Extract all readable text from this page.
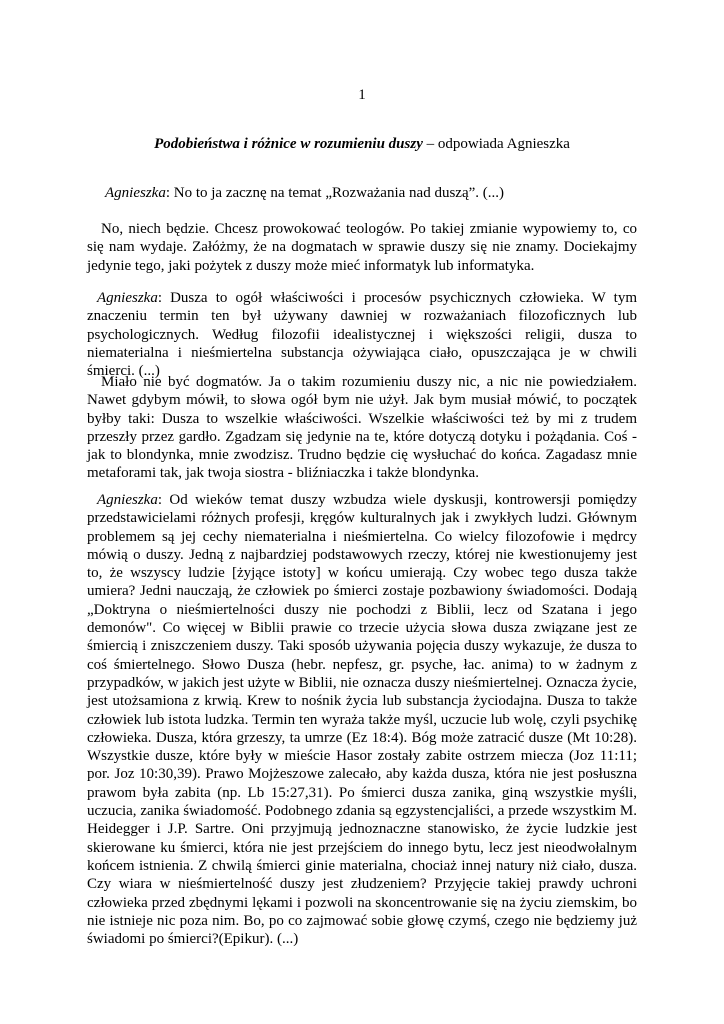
1
Podobieństwa i różnice w rozumieniu duszy – odpowiada Agnieszka

Agnieszka: No to ja zacznę na temat „Rozważania nad duszą”. (...)

No, niech będzie. Chcesz prowokować teologów. Po takiej zmianie wypowiemy to, co się nam wydaje. Załóżmy, że na dogmatach w sprawie duszy się nie znamy. Dociekajmy jedynie tego, jaki pożytek z duszy może mieć informatyk lub informatyka.

Agnieszka: Dusza to ogół właściwości i procesów psychicznych człowieka. W tym znaczeniu termin ten był używany dawniej w rozważaniach filozoficznych lub psychologicznych. Według filozofii idealistycznej i większości religii, dusza to niematerialna i nieśmiertelna substancja ożywiająca ciało, opuszczająca je w chwili śmierci. (...)

Miało nie być dogmatów. Ja o takim rozumieniu duszy nic, a nic nie powiedziałem. Nawet gdybym mówił, to słowa ogół bym nie użył. Jak bym musiał mówić, to początek byłby taki: Dusza to wszelkie właściwości. Wszelkie właściwości też by mi z trudem przeszły przez gardło. Zgadzam się jedynie na te, które dotyczą dotyku i pożądania. Coś - jak to blondynka, mnie zwodzisz. Trudno będzie cię wysłuchać do końca. Zagadasz mnie metaforami tak, jak twoja siostra - bliźniaczka i także blondynka.

Agnieszka: Od wieków temat duszy wzbudza wiele dyskusji, kontrowersji pomiędzy przedstawicielami różnych profesji, kręgów kulturalnych jak i zwykłych ludzi. Głównym problemem są jej cechy niematerialna i nieśmiertelna. Co wielcy filozofowie i mędrcy mówią o duszy. Jedną z najbardziej podstawowych rzeczy, której nie kwestionujemy jest to, że wszyscy ludzie [żyjące istoty] w końcu umierają. Czy wobec tego dusza także umiera? Jedni nauczają, że człowiek po śmierci zostaje pozbawiony świadomości. Dodają „Doktryna o nieśmiertelności duszy nie pochodzi z Biblii, lecz od Szatana i jego demonów". Co więcej w Biblii prawie co trzecie użycia słowa dusza związane jest ze śmiercią i zniszczeniem duszy. Taki sposób używania pojęcia duszy wykazuje, że dusza to coś śmiertelnego. Słowo Dusza (hebr. nepfesz, gr. psyche, łac. anima) to w żadnym z przypadków, w jakich jest użyte w Biblii, nie oznacza duszy nieśmiertelnej. Oznacza życie, jest utożsamiona z krwią. Krew to nośnik życia lub substancja życiodajna. Dusza to także człowiek lub istota ludzka. Termin ten wyraża także myśl, uczucie lub wolę, czyli psychikę człowieka. Dusza, która grzeszy, ta umrze (Ez 18:4). Bóg może zatracić dusze (Mt 10:28). Wszystkie dusze, które były w mieście Hasor zostały zabite ostrzem miecza (Joz 11:11; por. Joz 10:30,39). Prawo Mojżeszowe zalecało, aby każda dusza, która nie jest posłuszna prawom była zabita (np. Lb 15:27,31). Po śmierci dusza zanika, giną wszystkie myśli, uczucia, zanika świadomość. Podobnego zdania są egzystencjaliści, a przede wszystkim M. Heidegger i J.P. Sartre. Oni przyjmują jednoznaczne stanowisko, że życie ludzkie jest skierowane ku śmierci, która nie jest przejściem do innego bytu, lecz jest nieodwołalnym końcem istnienia. Z chwilą śmierci ginie materialna, chociaż innej natury niż ciało, dusza. Czy wiara w nieśmiertelność duszy jest złudzeniem? Przyjęcie takiej prawdy uchroni człowieka przed zbędnymi lękami i pozwoli na skoncentrowanie się na życiu ziemskim, bo nie istnieje nic poza nim. Bo, po co zajmować sobie głowę czymś, czego nie będziemy już świadomi po śmierci?(Epikur). (...)
